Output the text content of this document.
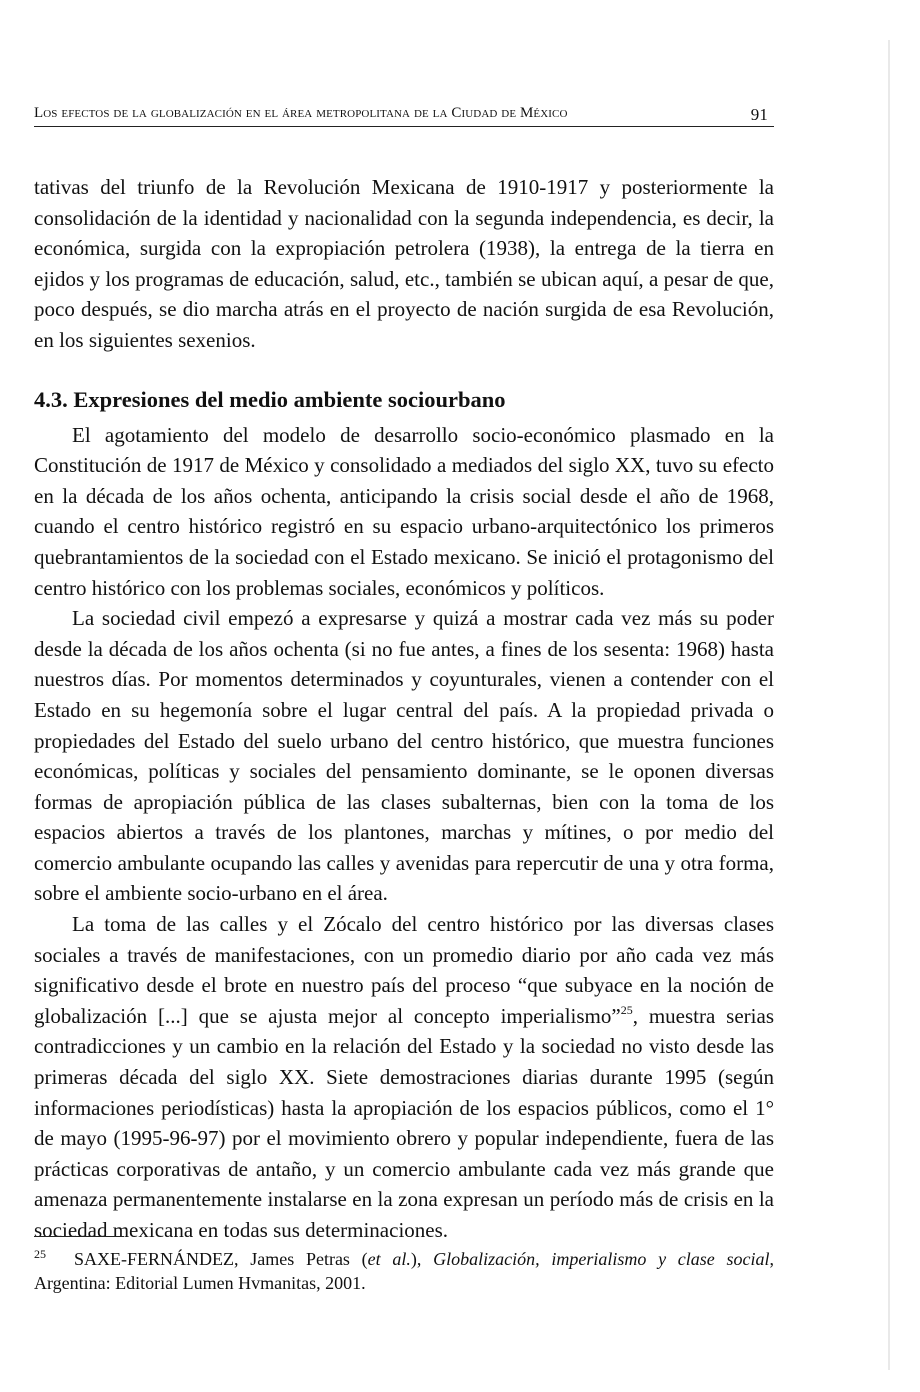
Los efectos de la globalización en el área metropolitana de la Ciudad de México	91

tativas del triunfo de la Revolución Mexicana de 1910-1917 y posteriormente la consolidación de la identidad y nacionalidad con la segunda independencia, es decir, la económica, surgida con la expropiación petrolera (1938), la entrega de la tierra en ejidos y los programas de educación, salud, etc., también se ubican aquí, a pesar de que, poco después, se dio marcha atrás en el proyecto de nación surgida de esa Revolución, en los siguientes sexenios.

4.3. Expresiones del medio ambiente sociourbano

El agotamiento del modelo de desarrollo socio-económico plasmado en la Constitución de 1917 de México y consolidado a mediados del siglo XX, tuvo su efecto en la década de los años ochenta, anticipando la crisis social desde el año de 1968, cuando el centro histórico registró en su espacio urbano-arquitectónico los primeros quebrantamientos de la sociedad con el Estado mexicano. Se inició el protagonismo del centro histórico con los problemas sociales, económicos y políticos.

La sociedad civil empezó a expresarse y quizá a mostrar cada vez más su poder desde la década de los años ochenta (si no fue antes, a fines de los sesenta: 1968) hasta nuestros días. Por momentos determinados y coyunturales, vienen a contender con el Estado en su hegemonía sobre el lugar central del país. A la propiedad privada o propiedades del Estado del suelo urbano del centro histórico, que muestra funciones económicas, políticas y sociales del pensamiento dominante, se le oponen diversas formas de apropiación pública de las clases subalternas, bien con la toma de los espacios abiertos a través de los plantones, marchas y mítines, o por medio del comercio ambulante ocupando las calles y avenidas para repercutir de una y otra forma, sobre el ambiente socio-urbano en el área.

La toma de las calles y el Zócalo del centro histórico por las diversas clases sociales a través de manifestaciones, con un promedio diario por año cada vez más significativo desde el brote en nuestro país del proceso “que subyace en la noción de globalización [...] que se ajusta mejor al concepto imperialismo”$^{25}$, muestra serias contradicciones y un cambio en la relación del Estado y la sociedad no visto desde las primeras década del siglo XX. Siete demostraciones diarias durante 1995 (según informaciones periodísticas) hasta la apropiación de los espacios públicos, como el 1° de mayo (1995-96-97) por el movimiento obrero y popular independiente, fuera de las prácticas corporativas de antaño, y un comercio ambulante cada vez más grande que amenaza permanentemente instalarse en la zona expresan un período más de crisis en la sociedad mexicana en todas sus determinaciones.

$^{25}$ SAXE-FERNÁNDEZ, James Petras (et al.), Globalización, imperialismo y clase social, Argentina: Editorial Lumen Hvmanitas, 2001.
